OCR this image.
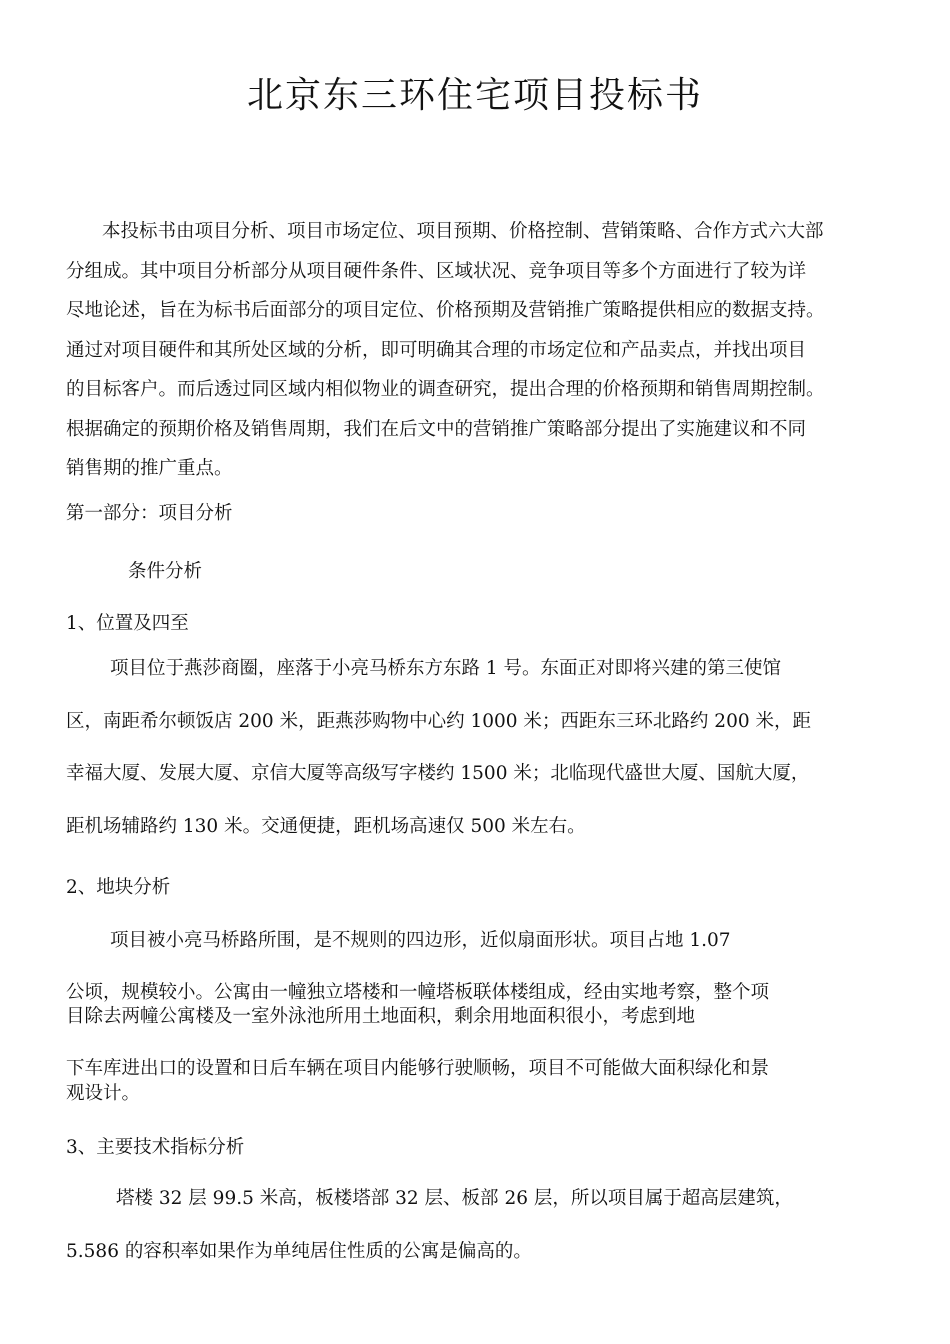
北京东三环住宅项目投标书
本投标书由项目分析、项目市场定位、项目预期、价格控制、营销策略、合作方式六大部
分组成。其中项目分析部分从项目硬件条件、区域状况、竞争项目等多个方面进行了较为详
尽地论述，旨在为标书后面部分的项目定位、价格预期及营销推广策略提供相应的数据支持。
通过对项目硬件和其所处区域的分析，即可明确其合理的市场定位和产品卖点，并找出项目
的目标客户。而后透过同区域内相似物业的调查研究，提出合理的价格预期和销售周期控制。
根据确定的预期价格及销售周期，我们在后文中的营销推广策略部分提出了实施建议和不同
销售期的推广重点。
第一部分：项目分析
条件分析
1、位置及四至
项目位于燕莎商圈，座落于小亮马桥东方东路 1 号。东面正对即将兴建的第三使馆
区，南距希尔顿饭店 200 米，距燕莎购物中心约 1000 米；西距东三环北路约 200 米，距
幸福大厦、发展大厦、京信大厦等高级写字楼约 1500 米；北临现代盛世大厦、国航大厦，
距机场辅路约 130 米。交通便捷，距机场高速仅 500 米左右。
2、地块分析
项目被小亮马桥路所围，是不规则的四边形，近似扇面形状。项目占地 1.07
公顷，规模较小。公寓由一幢独立塔楼和一幢塔板联体楼组成，经由实地考察，整个项
目除去两幢公寓楼及一室外泳池所用土地面积，剩余用地面积很小，考虑到地
下车库进出口的设置和日后车辆在项目内能够行驶顺畅，项目不可能做大面积绿化和景
观设计。
3、主要技术指标分析
塔楼 32 层 99.5 米高，板楼塔部 32 层、板部 26 层，所以项目属于超高层建筑，
5.586 的容积率如果作为单纯居住性质的公寓是偏高的。
